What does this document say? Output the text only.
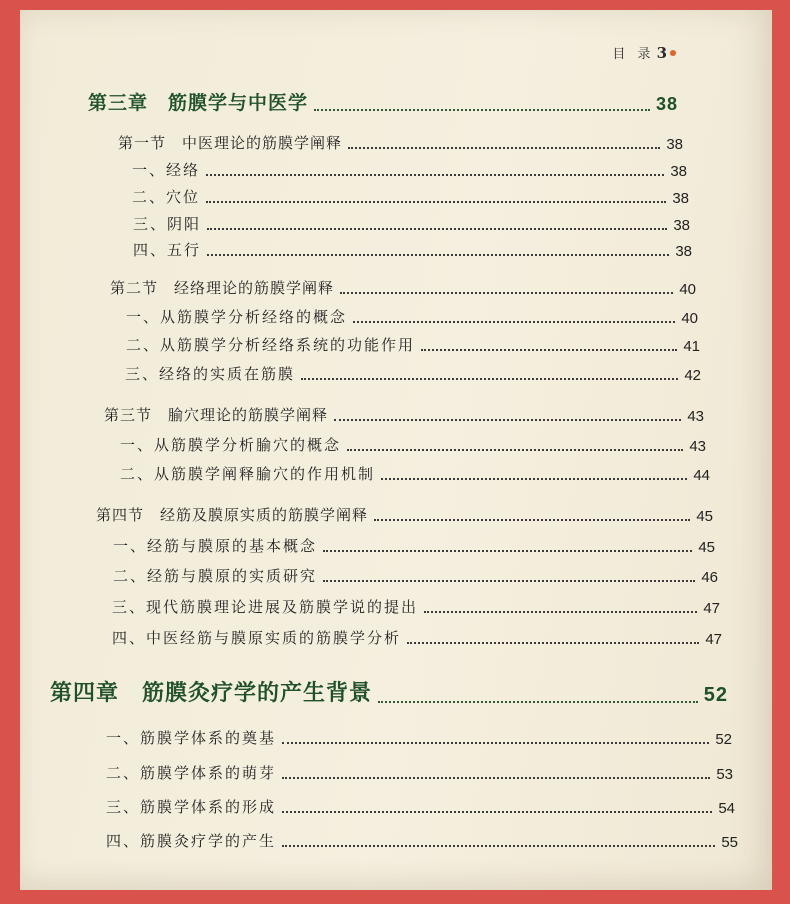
目 录 3
第三章　筋膜学与中医学	38
第一节　中医理论的筋膜学阐释	38
一、经络	38
二、穴位	38
三、阴阳	38
四、五行	38
第二节　经络理论的筋膜学阐释	40
一、从筋膜学分析经络的概念	40
二、从筋膜学分析经络系统的功能作用	41
三、经络的实质在筋膜	42
第三节　腧穴理论的筋膜学阐释	43
一、从筋膜学分析腧穴的概念	43
二、从筋膜学阐释腧穴的作用机制	44
第四节　经筋及膜原实质的筋膜学阐释	45
一、经筋与膜原的基本概念	45
二、经筋与膜原的实质研究	46
三、现代筋膜理论进展及筋膜学说的提出	47
四、中医经筋与膜原实质的筋膜学分析	47
第四章　筋膜灸疗学的产生背景	52
一、筋膜学体系的奠基	52
二、筋膜学体系的萌芽	53
三、筋膜学体系的形成	54
四、筋膜灸疗学的产生	55
